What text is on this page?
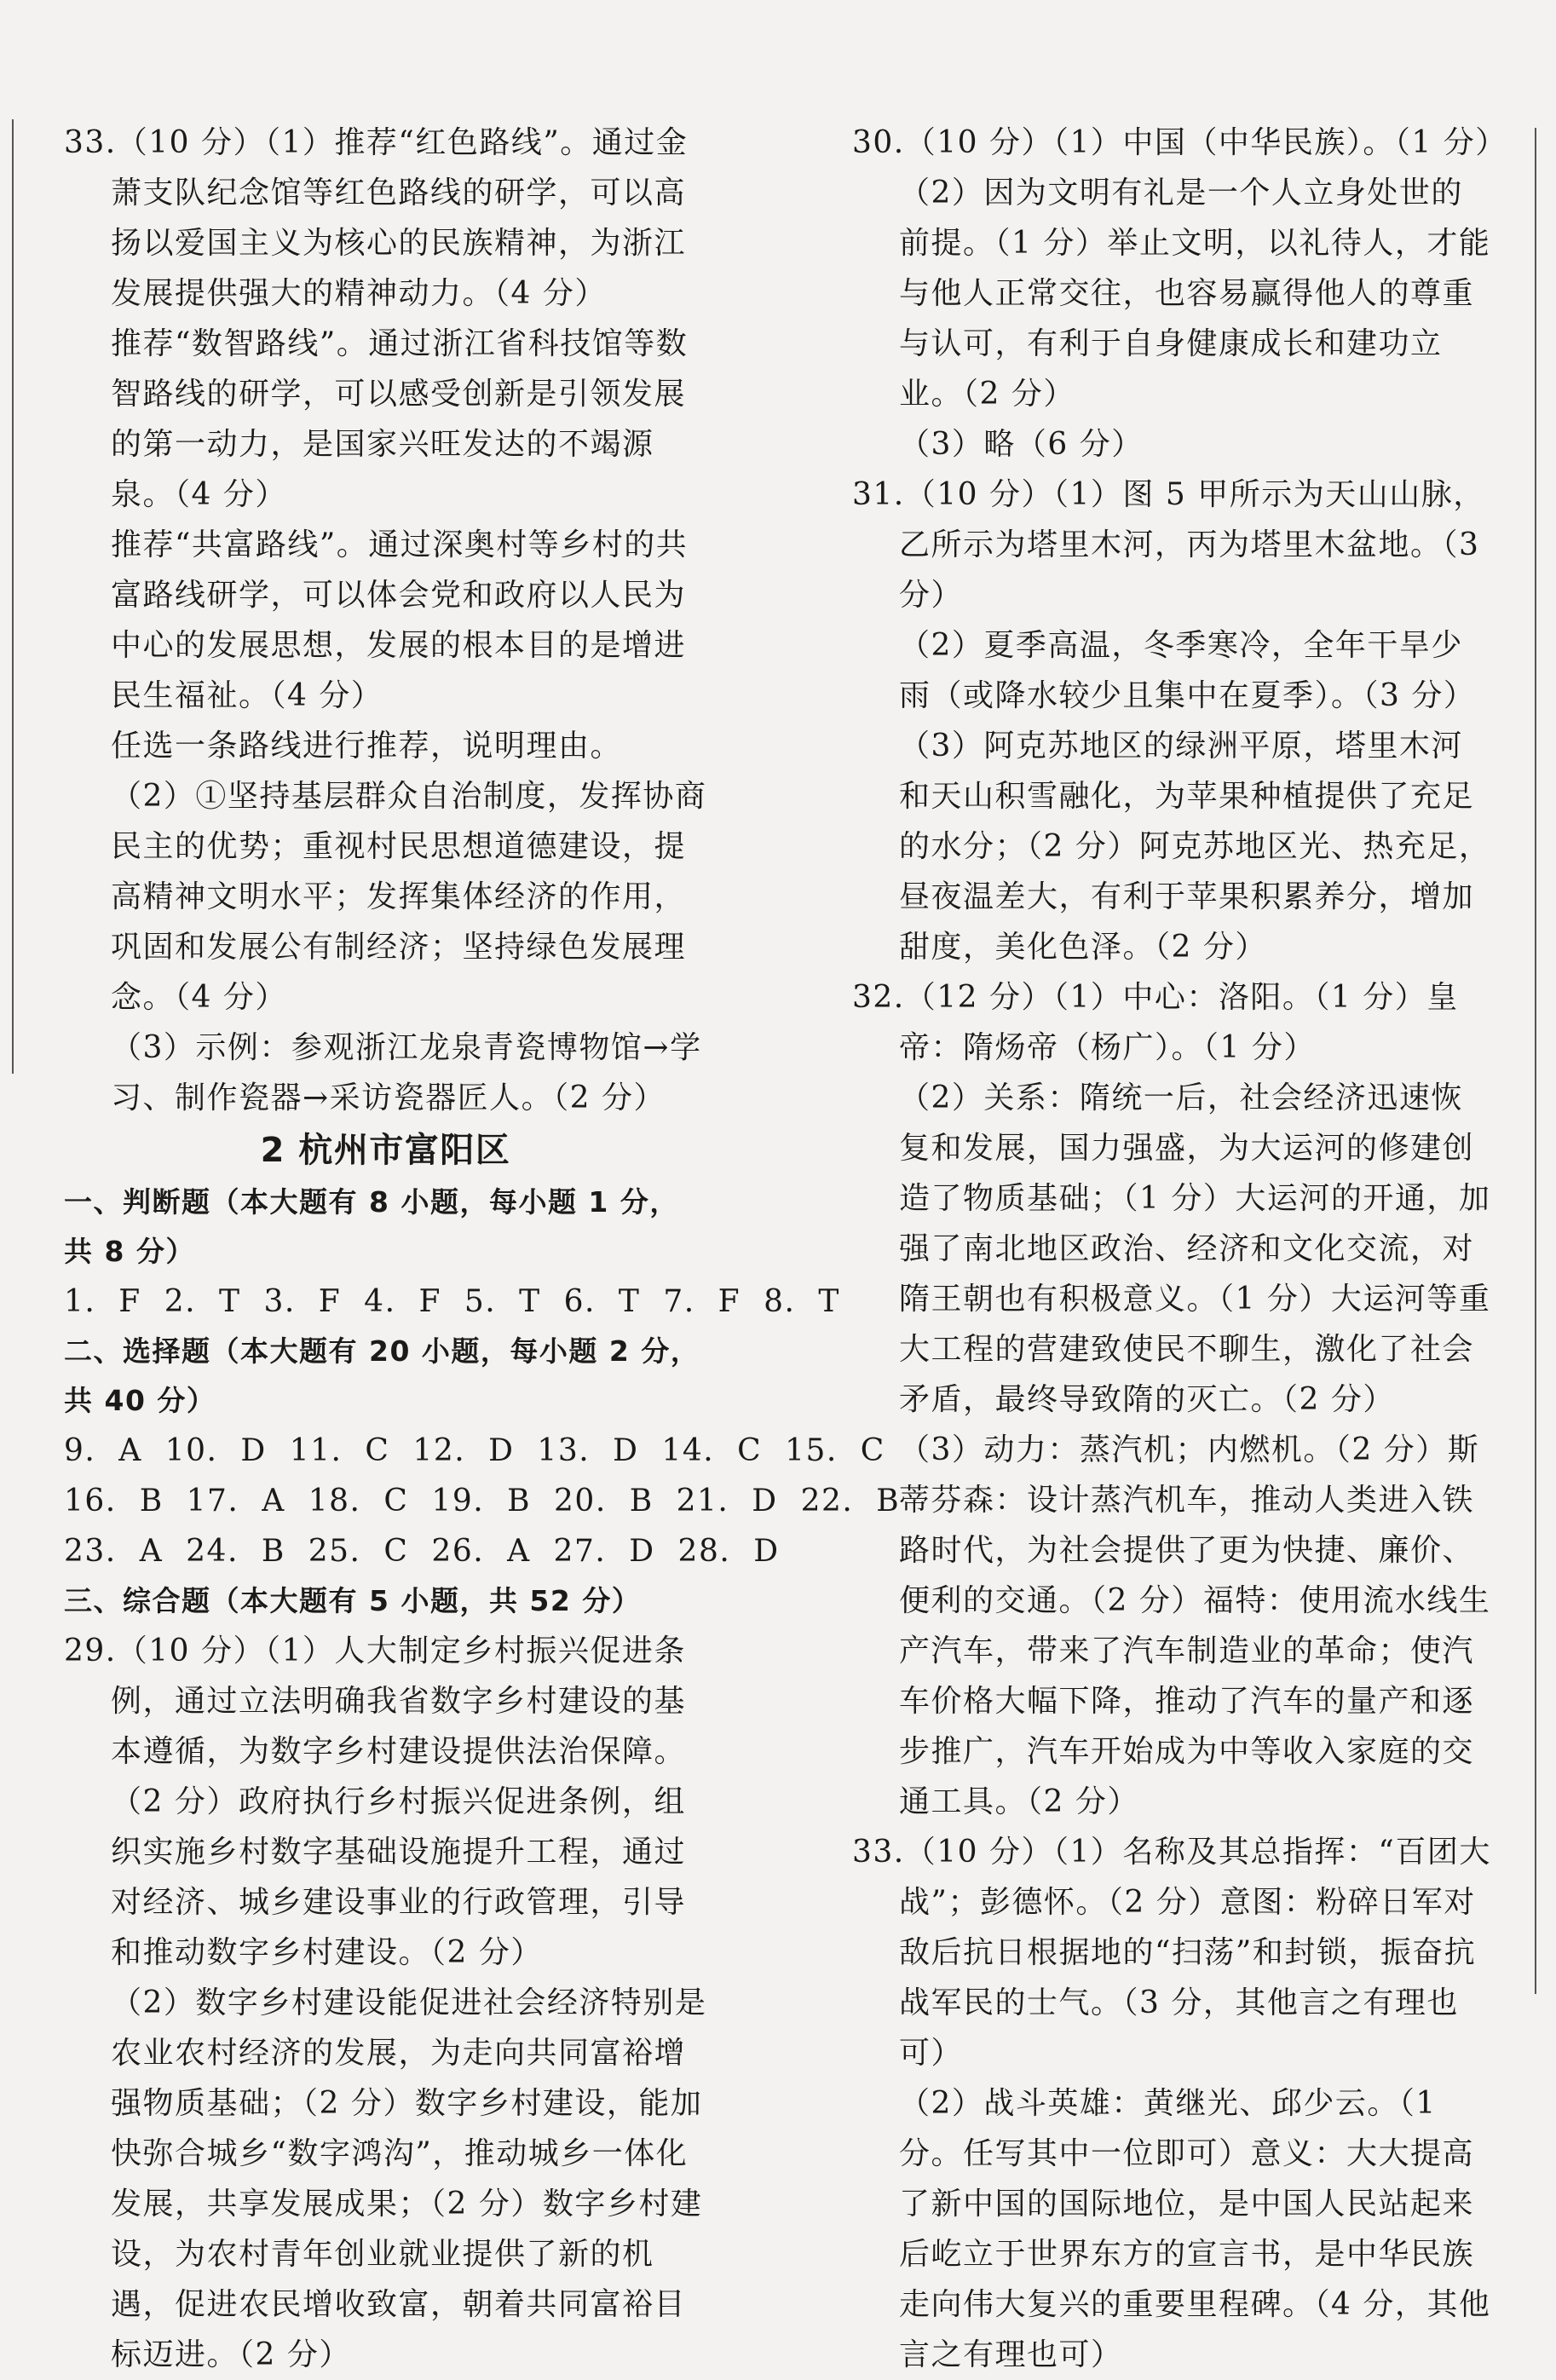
33.（10 分）（1）推荐“红色路线”。通过金萧支队纪念馆等红色路线的研学，可以高扬以爱国主义为核心的民族精神，为浙江发展提供强大的精神动力。（4 分）

推荐“数智路线”。通过浙江省科技馆等数智路线的研学，可以感受创新是引领发展的第一动力，是国家兴旺发达的不竭源泉。（4 分）

推荐“共富路线”。通过深奥村等乡村的共富路线研学，可以体会党和政府以人民为中心的发展思想，发展的根本目的是增进民生福祉。（4 分）

任选一条路线进行推荐，说明理由。

（2）①坚持基层群众自治制度，发挥协商民主的优势；重视村民思想道德建设，提高精神文明水平；发挥集体经济的作用，巩固和发展公有制经济；坚持绿色发展理念。（4 分）

（3）示例：参观浙江龙泉青瓷博物馆→学习、制作瓷器→采访瓷器匠人。（2 分）

2 杭州市富阳区

一、判断题（本大题有 8 小题，每小题 1 分，共 8 分）

1. F 2. T 3. F 4. F 5. T 6. T 7. F 8. T

二、选择题（本大题有 20 小题，每小题 2 分，共 40 分）

9. A 10. D 11. C 12. D 13. D 14. C 15. C

16. B 17. A 18. C 19. B 20. B 21. D 22. B

23. A 24. B 25. C 26. A 27. D 28. D

三、综合题（本大题有 5 小题，共 52 分）

29.（10 分）（1）人大制定乡村振兴促进条例，通过立法明确我省数字乡村建设的基本遵循，为数字乡村建设提供法治保障。（2 分）政府执行乡村振兴促进条例，组织实施乡村数字基础设施提升工程，通过对经济、城乡建设事业的行政管理，引导和推动数字乡村建设。（2 分）

（2）数字乡村建设能促进社会经济特别是农业农村经济的发展，为走向共同富裕增强物质基础；（2 分）数字乡村建设，能加快弥合城乡“数字鸿沟”，推动城乡一体化发展，共享发展成果；（2 分）数字乡村建设，为农村青年创业就业提供了新的机遇，促进农民增收致富，朝着共同富裕目标迈进。（2 分）

30.（10 分）（1）中国（中华民族）。（1 分）

（2）因为文明有礼是一个人立身处世的前提。（1 分）举止文明，以礼待人，才能与他人正常交往，也容易赢得他人的尊重与认可，有利于自身健康成长和建功立业。（2 分）

（3）略（6 分）

31.（10 分）（1）图 5 甲所示为天山山脉，乙所示为塔里木河，丙为塔里木盆地。（3 分）

（2）夏季高温，冬季寒冷，全年干旱少雨（或降水较少且集中在夏季）。（3 分）

（3）阿克苏地区的绿洲平原，塔里木河和天山积雪融化，为苹果种植提供了充足的水分；（2 分）阿克苏地区光、热充足，昼夜温差大，有利于苹果积累养分，增加甜度，美化色泽。（2 分）

32.（12 分）（1）中心：洛阳。（1 分）皇帝：隋炀帝（杨广）。（1 分）

（2）关系：隋统一后，社会经济迅速恢复和发展，国力强盛，为大运河的修建创造了物质基础；（1 分）大运河的开通，加强了南北地区政治、经济和文化交流，对隋王朝也有积极意义。（1 分）大运河等重大工程的营建致使民不聊生，激化了社会矛盾，最终导致隋的灭亡。（2 分）

（3）动力：蒸汽机；内燃机。（2 分）斯蒂芬森：设计蒸汽机车，推动人类进入铁路时代，为社会提供了更为快捷、廉价、便利的交通。（2 分）福特：使用流水线生产汽车，带来了汽车制造业的革命；使汽车价格大幅下降，推动了汽车的量产和逐步推广，汽车开始成为中等收入家庭的交通工具。（2 分）

33.（10 分）（1）名称及其总指挥：“百团大战”；彭德怀。（2 分）意图：粉碎日军对敌后抗日根据地的“扫荡”和封锁，振奋抗战军民的士气。（3 分，其他言之有理也可）

（2）战斗英雄：黄继光、邱少云。（1 分。任写其中一位即可）意义：大大提高了新中国的国际地位，是中国人民站起来后屹立于世界东方的宣言书，是中华民族走向伟大复兴的重要里程碑。（4 分，其他言之有理也可）
